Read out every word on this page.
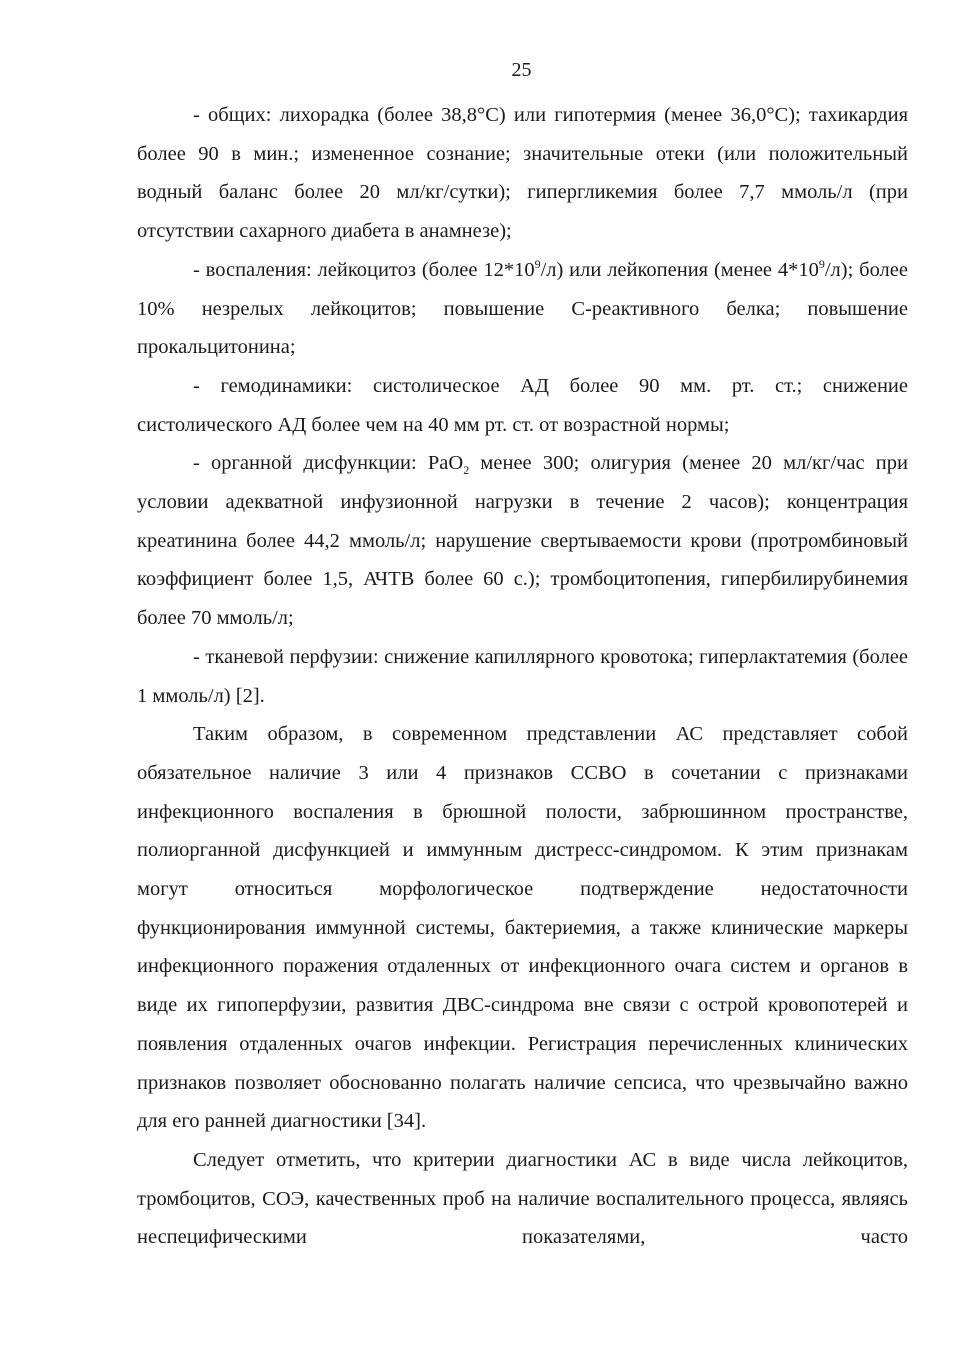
25

- общих: лихорадка (более 38,8°С) или гипотермия (менее 36,0°С); тахикардия более 90 в мин.; измененное сознание; значительные отеки (или положительный водный баланс более 20 мл/кг/сутки); гипергликемия более 7,7 ммоль/л (при отсутствии сахарного диабета в анамнезе);

- воспаления: лейкоцитоз (более $12*10^9/л$) или лейкопения (менее $4*10^9/л$); более 10% незрелых лейкоцитов; повышение С-реактивного белка; повышение прокальцитонина;

- гемодинамики: систолическое АД более 90 мм. рт. ст.; снижение систолического АД более чем на 40 мм рт. ст. от возрастной нормы;

- органной дисфункции: PaO$_2$ менее 300; олигурия (менее 20 мл/кг/час при условии адекватной инфузионной нагрузки в течение 2 часов); концентрация креатинина более 44,2 ммоль/л; нарушение свертываемости крови (протромбиновый коэффициент более 1,5, АЧТВ более 60 с.); тромбоцитопения, гипербилирубинемия более 70 ммоль/л;

- тканевой перфузии: снижение капиллярного кровотока; гиперлактатемия (более 1 ммоль/л) [2].

Таким образом, в современном представлении АС представляет собой обязательное наличие 3 или 4 признаков ССВО в сочетании с признаками инфекционного воспаления в брюшной полости, забрюшинном пространстве, полиорганной дисфункцией и иммунным дистресс-синдромом. К этим признакам могут относиться морфологическое подтверждение недостаточности функционирования иммунной системы, бактериемия, а также клинические маркеры инфекционного поражения отдаленных от инфекционного очага систем и органов в виде их гипоперфузии, развития ДВС-синдрома вне связи с острой кровопотерей и появления отдаленных очагов инфекции. Регистрация перечисленных клинических признаков позволяет обоснованно полагать наличие сепсиса, что чрезвычайно важно для его ранней диагностики [34].

Следует отметить, что критерии диагностики АС в виде числа лейкоцитов, тромбоцитов, СОЭ, качественных проб на наличие воспалительного процесса, являясь неспецифическими показателями, часто
